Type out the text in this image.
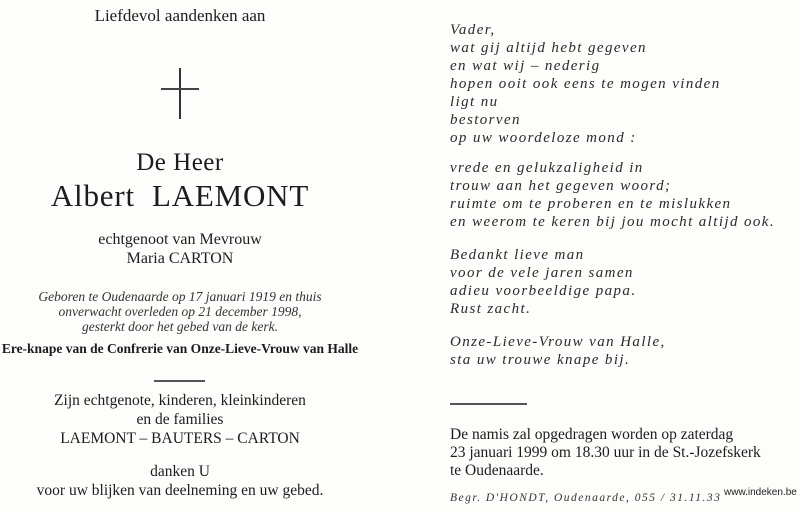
Liefdevol aandenken aan
De Heer
Albert  LAEMONT
echtgenoot van Mevrouw
Maria CARTON
Geboren te Oudenaarde op 17 januari 1919 en thuis
onverwacht overleden op 21 december 1998,
gesterkt door het gebed van de kerk.
Ere-knape van de Confrerie van Onze-Lieve-Vrouw van Halle
Zijn echtgenote, kinderen, kleinkinderen
en de families
LAEMONT – BAUTERS – CARTON
danken U
voor uw blijken van deelneming en uw gebed.
Vader,
wat gij altijd hebt gegeven
en wat wij – nederig
hopen ooit ook eens te mogen vinden
ligt nu
bestorven
op uw woordeloze mond :
vrede en gelukzaligheid in
trouw aan het gegeven woord;
ruimte om te proberen en te mislukken
en weerom te keren bij jou mocht altijd ook.
Bedankt lieve man
voor de vele jaren samen
adieu voorbeeldige papa.
Rust zacht.
Onze-Lieve-Vrouw van Halle,
sta uw trouwe knape bij.
De namis zal opgedragen worden op zaterdag
23 januari 1999 om 18.30 uur in de St.-Jozefskerk
te Oudenaarde.
Begr. D'HONDT, Oudenaarde, 055 / 31.11.33 www.indeken.be
